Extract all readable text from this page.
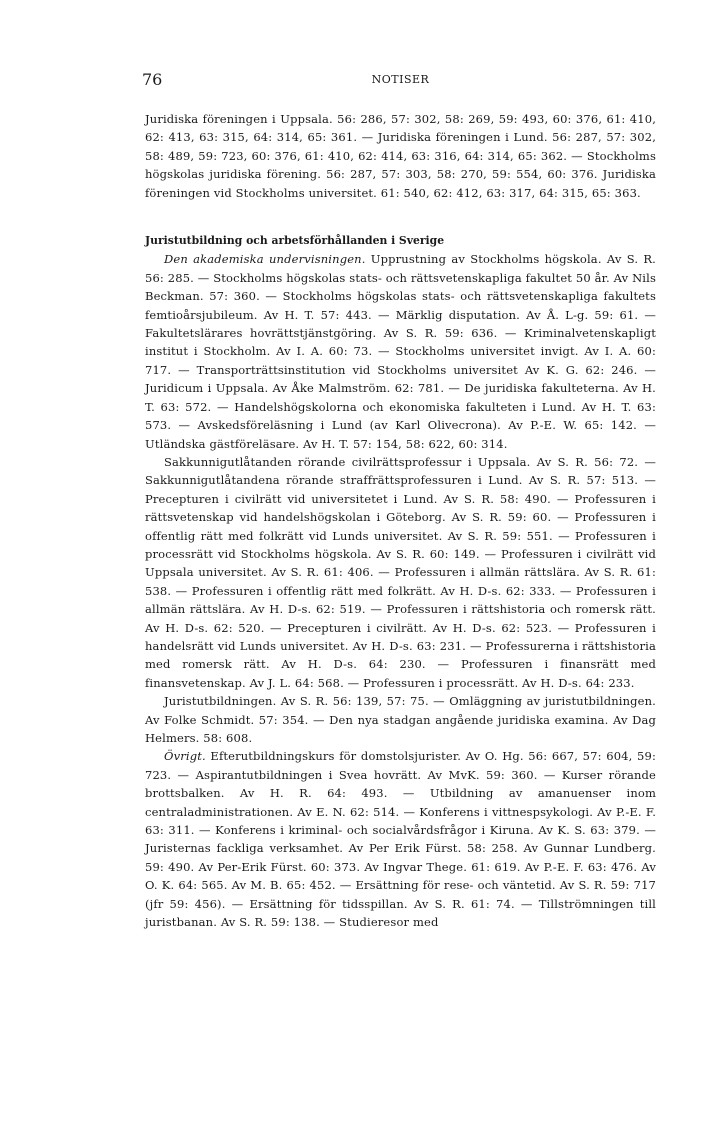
76	NOTISER

Juridiska föreningen i Uppsala. 56: 286, 57: 302, 58: 269, 59: 493, 60: 376, 61: 410, 62: 413, 63: 315, 64: 314, 65: 361. — Juridiska föreningen i Lund. 56: 287, 57: 302, 58: 489, 59: 723, 60: 376, 61: 410, 62: 414, 63: 316, 64: 314, 65: 362. — Stockholms högskolas juridiska förening. 56: 287, 57: 303, 58: 270, 59: 554, 60: 376. Juridiska föreningen vid Stockholms universitet. 61: 540, 62: 412, 63: 317, 64: 315, 65: 363.

Juristutbildning och arbetsförhållanden i Sverige

Den akademiska undervisningen. Upprustning av Stockholms högskola. Av S. R. 56: 285. — Stockholms högskolas stats- och rättsvetenskapliga fakultet 50 år. Av Nils Beckman. 57: 360. — Stockholms högskolas stats- och rättsvetenskapliga fakultets femtioårsjubileum. Av H. T. 57: 443. — Märklig disputation. Av Å. L-g. 59: 61. — Fakultetslärares hovrättstjänstgöring. Av S. R. 59: 636. — Kriminalvetenskapligt institut i Stockholm. Av I. A. 60: 73. — Stockholms universitet invigt. Av I. A. 60: 717. — Transporträttsinstitution vid Stockholms universitet Av K. G. 62: 246. — Juridicum i Uppsala. Av Åke Malmström. 62: 781. — De juridiska fakulteterna. Av H. T. 63: 572. — Handelshögskolorna och ekonomiska fakulteten i Lund. Av H. T. 63: 573. — Avskedsföreläsning i Lund (av Karl Olivecrona). Av P.-E. W. 65: 142. — Utländska gästföreläsare. Av H. T. 57: 154, 58: 622, 60: 314.

Sakkunnigutlåtanden rörande civilrättsprofessur i Uppsala. Av S. R. 56: 72. — Sakkunnigutlåtandena rörande straffrättsprofessuren i Lund. Av S. R. 57: 513. — Precepturen i civilrätt vid universitetet i Lund. Av S. R. 58: 490. — Professuren i rättsvetenskap vid handelshögskolan i Göteborg. Av S. R. 59: 60. — Professuren i offentlig rätt med folkrätt vid Lunds universitet. Av S. R. 59: 551. — Professuren i processrätt vid Stockholms högskola. Av S. R. 60: 149. — Professuren i civilrätt vid Uppsala universitet. Av S. R. 61: 406. — Professuren i allmän rättslära. Av S. R. 61: 538. — Professuren i offentlig rätt med folkrätt. Av H. D-s. 62: 333. — Professuren i allmän rättslära. Av H. D-s. 62: 519. — Professuren i rättshistoria och romersk rätt. Av H. D-s. 62: 520. — Precepturen i civilrätt. Av H. D-s. 62: 523. — Professuren i handelsrätt vid Lunds universitet. Av H. D-s. 63: 231. — Professurerna i rättshistoria med romersk rätt. Av H. D-s. 64: 230. — Professuren i finansrätt med finansvetenskap. Av J. L. 64: 568. — Professuren i processrätt. Av H. D-s. 64: 233.

Juristutbildningen. Av S. R. 56: 139, 57: 75. — Omläggning av juristutbildningen. Av Folke Schmidt. 57: 354. — Den nya stadgan angående juridiska examina. Av Dag Helmers. 58: 608.

Övrigt. Efterutbildningskurs för domstolsjurister. Av O. Hg. 56: 667, 57: 604, 59: 723. — Aspirantutbildningen i Svea hovrätt. Av MvK. 59: 360. — Kurser rörande brottsbalken. Av H. R. 64: 493. — Utbildning av amanuenser inom centraladministrationen. Av E. N. 62: 514. — Konferens i vittnespsykologi. Av P.-E. F. 63: 311. — Konferens i kriminal- och socialvårdsfrågor i Kiruna. Av K. S. 63: 379. — Juristernas fackliga verksamhet. Av Per Erik Fürst. 58: 258. Av Gunnar Lundberg. 59: 490. Av Per-Erik Fürst. 60: 373. Av Ingvar Thege. 61: 619. Av P.-E. F. 63: 476. Av O. K. 64: 565. Av M. B. 65: 452. — Ersättning för rese- och väntetid. Av S. R. 59: 717 (jfr 59: 456). — Ersättning för tidsspillan. Av S. R. 61: 74. — Tillströmningen till juristbanan. Av S. R. 59: 138. — Studieresor med
